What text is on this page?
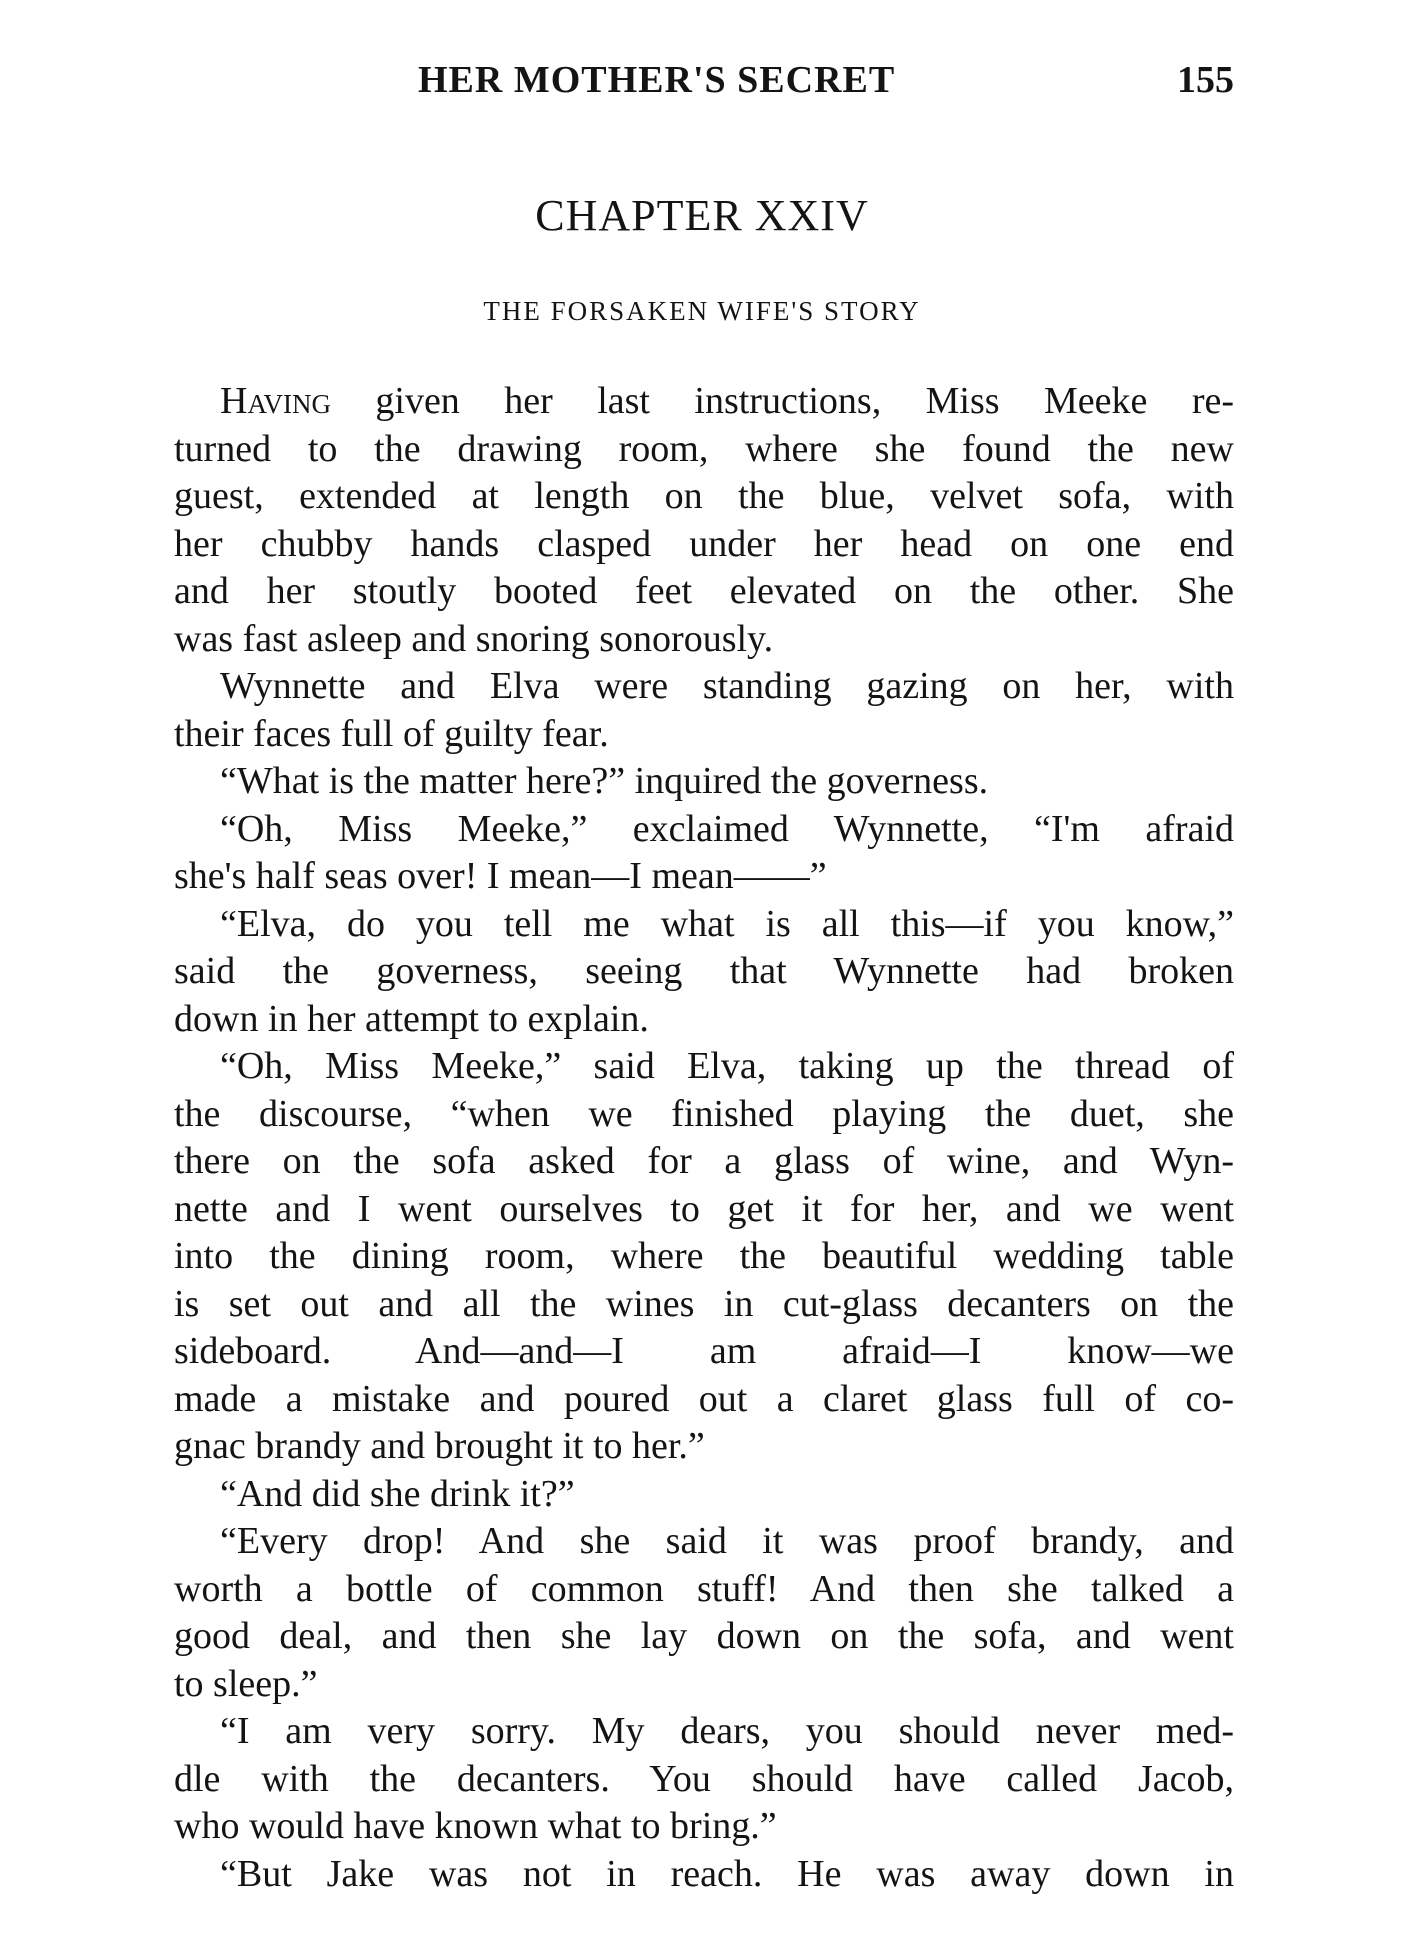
HER MOTHER'S SECRET	155
CHAPTER XXIV
THE FORSAKEN WIFE'S STORY
Having given her last instructions, Miss Meeke re-
turned to the drawing room, where she found the new
guest, extended at length on the blue, velvet sofa, with
her chubby hands clasped under her head on one end
and her stoutly booted feet elevated on the other. She
was fast asleep and snoring sonorously.
Wynnette and Elva were standing gazing on her, with
their faces full of guilty fear.
“What is the matter here?” inquired the governess.
“Oh, Miss Meeke,” exclaimed Wynnette, “I'm afraid
she's half seas over! I mean—I mean——”
“Elva, do you tell me what is all this—if you know,”
said the governess, seeing that Wynnette had broken
down in her attempt to explain.
“Oh, Miss Meeke,” said Elva, taking up the thread of
the discourse, “when we finished playing the duet, she
there on the sofa asked for a glass of wine, and Wyn-
nette and I went ourselves to get it for her, and we went
into the dining room, where the beautiful wedding table
is set out and all the wines in cut-glass decanters on the
sideboard. And—and—I am afraid—I know—we
made a mistake and poured out a claret glass full of co-
gnac brandy and brought it to her.”
“And did she drink it?”
“Every drop! And she said it was proof brandy, and
worth a bottle of common stuff! And then she talked a
good deal, and then she lay down on the sofa, and went
to sleep.”
“I am very sorry. My dears, you should never med-
dle with the decanters. You should have called Jacob,
who would have known what to bring.”
“But Jake was not in reach. He was away down in
